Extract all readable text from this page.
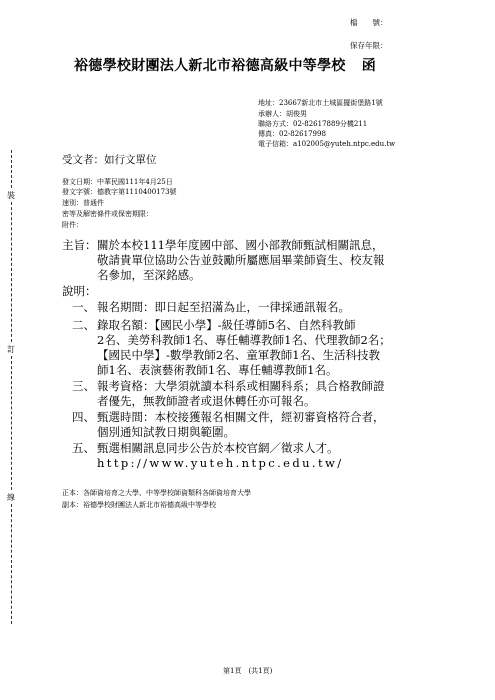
檔　　號：
保存年限：
裕德學校財團法人新北市裕德高級中等學校 函
地址：23667新北市土城區擺街堡路1號
承辦人：胡俊男
聯絡方式：02-82617889分機211
傳真：02-82617998
電子信箱：a102005@yuteh.ntpc.edu.tw
受文者：如行文單位
發文日期：中華民國111年4月25日
發文字號：德教字第1110400173號
速別：普通件
密等及解密條件或保密期限：
附件：
裝
訂
線
主旨： 關於本校111學年度國中部、國小部教師甄試相關訊息，
敬請貴單位協助公告並鼓勵所屬應屆畢業師資生、校友報
名參加，至深銘感。
說明：
一、 報名期間：即日起至招滿為止，一律採通訊報名。
二、 錄取名額：【國民小學】-級任導師5名、自然科教師
2名、美勞科教師1名、專任輔導教師1名、代理教師2名；
【國民中學】-數學教師2名、童軍教師1名、生活科技教
師1名、表演藝術教師1名、專任輔導教師1名。
三、 報考資格：大學須就讀本科系或相關科系；具合格教師證
者優先，無教師證者或退休轉任亦可報名。
四、 甄選時間：本校接獲報名相關文件，經初審資格符合者，
個別通知試教日期與範圍。
五、 甄選相關訊息同步公告於本校官網／徵求人才。
http://www.yuteh.ntpc.edu.tw/
正本：各師資培育之大學、中等學校師資類科各師資培育大學
副本：裕德學校財團法人新北市裕德高級中等學校
第1頁　(共1頁)
